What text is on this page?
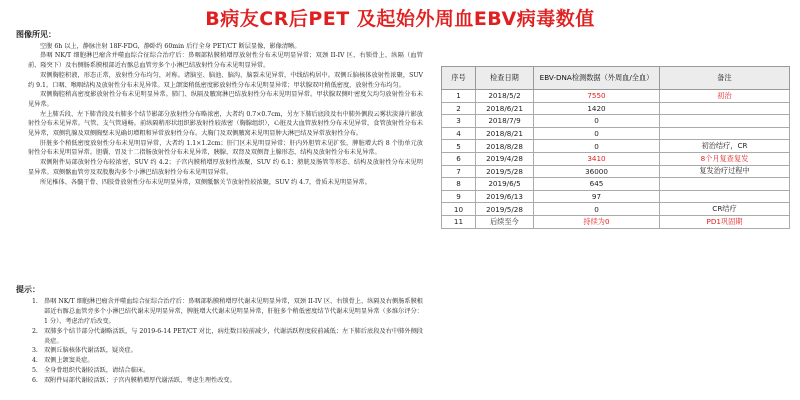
B病友CR后PET 及起始外周血EBV病毒数值
图像所见：

空腹 6h 以上，静脉注射 18F-FDG，静卧约 60min 后行全身 PET/CT 断层显像，影像清晰。

鼻咽 NK/T 细胞淋巴瘤含并噬血综合征综合治疗后：鼻咽部粘膜稍增厚放射性分布未见明显异常；双颈 II-IV 区、右锁骨上、纵隔（血管前、隆突下）及右侧肠系膜根部近右髂总血管旁多个小淋巴结放射性分布未见明显异常。

双侧胸腔积液，形态正常，放射性分布均匀，对称。诸脑室、脑池、脑沟、脑裂未见异常，中线结构居中。双侧丘脑核体放射性浓聚，SUV 约 9.1。口咽、喉咽结构及放射性分布未见异常。双上颌窦稍低密度影放射性分布未见明显异常；甲状腺双叶稍低密度，放射性分布均匀。

双侧胸腔稍高密度影放射性分布未见明显异常。肺门、纵隔及腋窝淋巴结放射性分布未见明显异常。甲状腺双侧叶密度欠均匀放射性分布未见异常。

左上肺舌段、左下肺背段及右肺多个结节影部分放射性分布略浓密，大者约 0.7×0.7cm，另左下肺后底段及右中肺外侧段云雾状淡薄片影放射性分布未见异常。气管、支气管通畅。前纵隔稍形状组织影放射性较浓密（胸腺组织），心脏及大血管放射性分布未见异常，食管放射性分布未见异常，双侧乳腺及双侧胸壁未见确切增粗和异常放射性分布。大胸门及双侧腋窝未见明显肿大淋巴结及异常放射性分布。

肝脏多个稍低密度放射性分布未见明显异常，大者约 1.1×1.2cm；肝门区未见明显异常；肝内外胆管未见扩张，脾脏增大约 8 个肋单元放射性分布未见明显异常。胆囊、胃及十二指肠放射性分布未见异常，胰腺、双肾及双侧肾上腺形态、结构及放射性分布未见异常。

双侧附件局部放射性分布较浓密，SUV 约 4.2；子宫内膜稍增厚放射性浓聚，SUV 约 6.1；膀胱及肠管等形态、结构及放射性分布未见明显异常。双侧髂血管旁及双股腹沟多个小淋巴结放射性分布未见明显异常。

所见椎体、各髓干骨、四肢骨放射性分布未见明显异常，双侧骶髂关节放射性较浓聚，SUV 约 4.7，骨质未见明显异常。

提示：
1. 鼻咽 NK/T 细胞淋巴瘤含并噬血综合征综合治疗后：鼻咽部粘膜稍增厚代谢未见明显异常，双颈 II-IV 区、右锁骨上、纵隔及右侧肠系膜根部近右髂总血管旁多个小淋巴结代谢未见明显异常，脾脏增大代谢未见明显异常，肝脏多个稍低密度结节代谢未见明显异常（多维尔评分：1 分），考虑治疗后改变。
2. 双肺多个结节部分代谢略活跃，与 2019-6-14 PET/CT 对比，病灶数目较前减少，代谢活跃程度较前减低；左下肺后底段及右中肺外侧段炎症。
3. 双侧丘脑核体代谢活跃，疑炎症。
4. 双侧上颌窦炎症。
5. 全身骨组织代谢较活跃，请结合临床。
6. 双附件局部代谢较活跃；子宫内膜稍增厚代谢活跃，考虑生理性改变。
序号	检查日期	EBV-DNA检测数据（外周血/全血）	备注
1	2018/5/2	7550	初治
2	2018/6/21	1420	
3	2018/7/9	0	
4	2018/8/21	0	
5	2018/8/28	0	初治结疗，CR
6	2019/4/28	3410	8个月复查复发
7	2019/5/28	36000	复发治疗过程中
8	2019/6/5	645	
9	2019/6/13	97	
10	2019/5/28	0	CR结疗
11	后续至今	持续为0	PD1巩固期
